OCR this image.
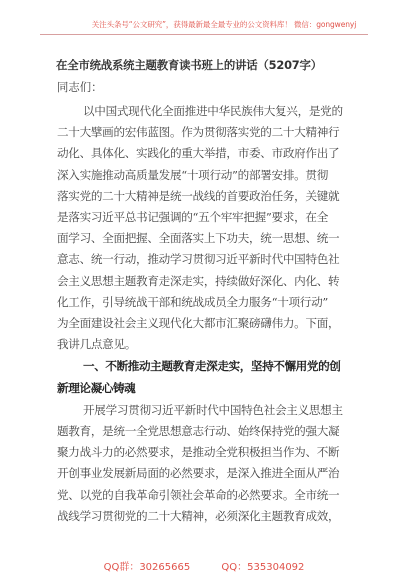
关注头条号“公文研究”，获得最新最全最专业的公文资料库！ 微信：gongwenyj
在全市统战系统主题教育读书班上的讲话（5207字）
同志们：
以中国式现代化全面推进中华民族伟大复兴，是党的
二十大擘画的宏伟蓝图。作为贯彻落实党的二十大精神行
动化、具体化、实践化的重大举措，市委、市政府作出了
深入实施推动高质量发展“十项行动”的部署安排。贯彻
落实党的二十大精神是统一战线的首要政治任务，关键就
是落实习近平总书记强调的“五个牢牢把握”要求，在全
面学习、全面把握、全面落实上下功夫，统一思想、统一
意志、统一行动，推动学习贯彻习近平新时代中国特色社
会主义思想主题教育走深走实，持续做好深化、内化、转
化工作，引导统战干部和统战成员全力服务“十项行动”
为全面建设社会主义现代化大都市汇聚磅礴伟力。下面，
我讲几点意见。
一、不断推动主题教育走深走实，坚持不懈用党的创
新理论凝心铸魂
开展学习贯彻习近平新时代中国特色社会主义思想主
题教育，是统一全党思想意志行动、始终保持党的强大凝
聚力战斗力的必然要求，是推动全党积极担当作为、不断
开创事业发展新局面的必然要求，是深入推进全面从严治
党、以党的自我革命引领社会革命的必然要求。全市统一
战线学习贯彻党的二十大精神，必须深化主题教育成效，
QQ群：30265665	QQ：535304092
